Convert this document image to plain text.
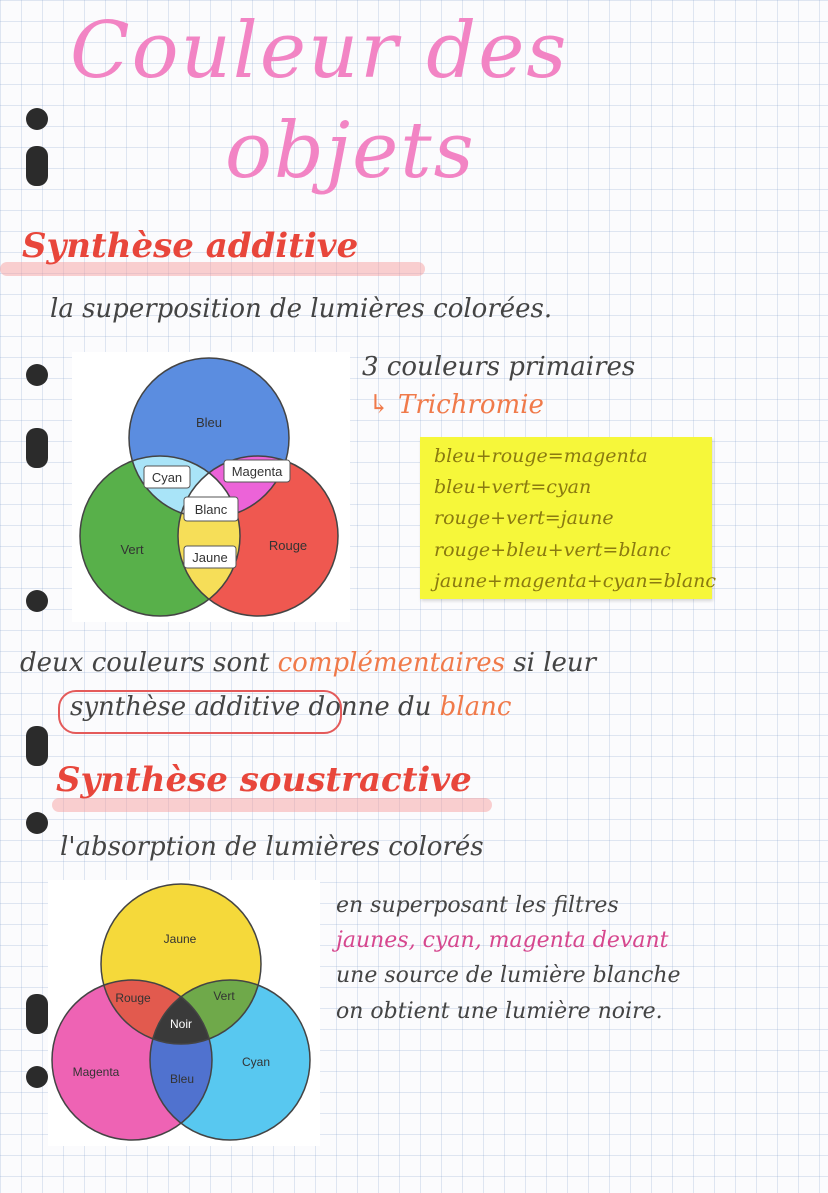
Couleur des
objets
Synthèse additive
la superposition de lumières colorées.
Bleu
Vert	Rouge
Cyan	Magenta
Blanc
Jaune
3 couleurs primaires
↳ Trichromie
bleu+rouge=magenta
bleu+vert=cyan
rouge+vert=jaune
rouge+bleu+vert=blanc
jaune+magenta+cyan=blanc
deux couleurs sont complémentaires si leur
synthèse additive donne du blanc
Synthèse soustractive
l'absorption de lumières colorés
Jaune
Magenta
Cyan
Rouge	Vert
Noir
Bleu
en superposant les filtres
jaunes, cyan, magenta devant
une source de lumière blanche
on obtient une lumière noire.
